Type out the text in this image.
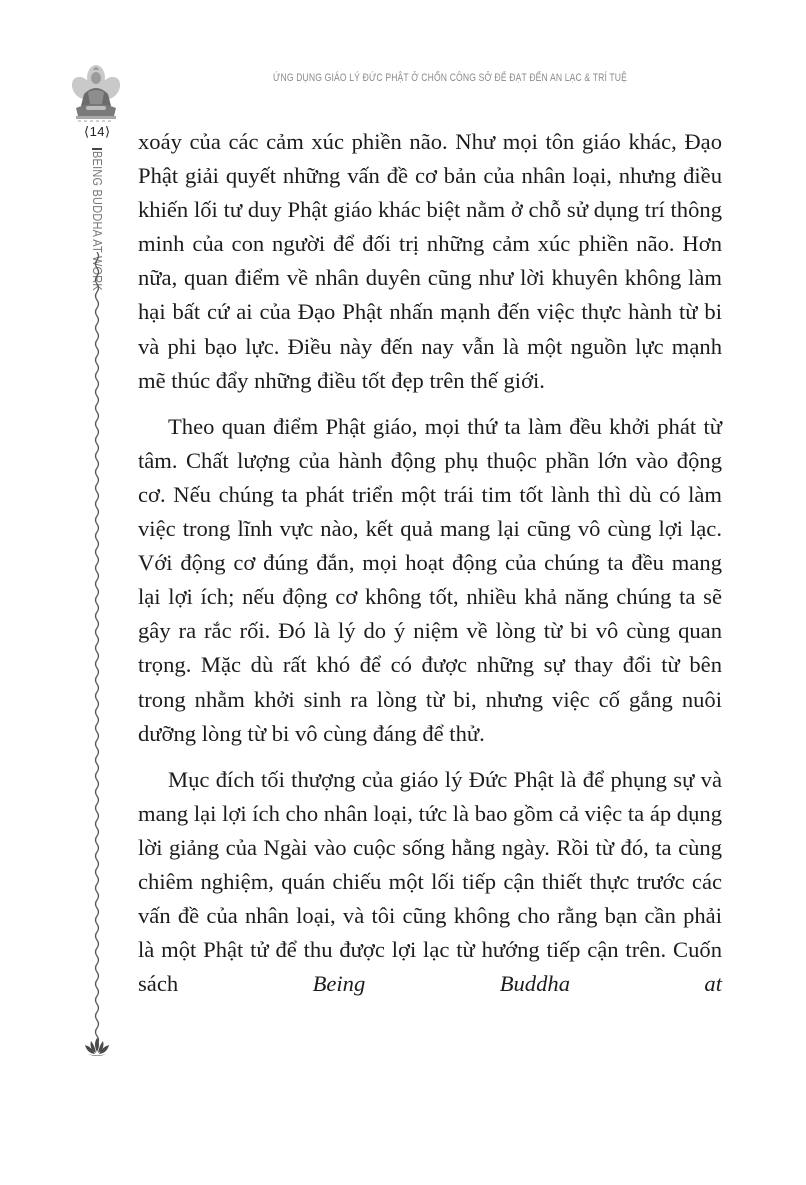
ỨNG DỤNG GIÁO LÝ ĐỨC PHẬT Ở CHỐN CÔNG SỞ ĐỂ ĐẠT ĐẾN AN LẠC & TRÍ TUỆ
⟨14⟩
BEING BUDDHA AT WORK

xoáy của các cảm xúc phiền não. Như mọi tôn giáo khác, Đạo Phật giải quyết những vấn đề cơ bản của nhân loại, nhưng điều khiến lối tư duy Phật giáo khác biệt nằm ở chỗ sử dụng trí thông minh của con người để đối trị những cảm xúc phiền não. Hơn nữa, quan điểm về nhân duyên cũng như lời khuyên không làm hại bất cứ ai của Đạo Phật nhấn mạnh đến việc thực hành từ bi và phi bạo lực. Điều này đến nay vẫn là một nguồn lực mạnh mẽ thúc đẩy những điều tốt đẹp trên thế giới.

Theo quan điểm Phật giáo, mọi thứ ta làm đều khởi phát từ tâm. Chất lượng của hành động phụ thuộc phần lớn vào động cơ. Nếu chúng ta phát triển một trái tim tốt lành thì dù có làm việc trong lĩnh vực nào, kết quả mang lại cũng vô cùng lợi lạc. Với động cơ đúng đắn, mọi hoạt động của chúng ta đều mang lại lợi ích; nếu động cơ không tốt, nhiều khả năng chúng ta sẽ gây ra rắc rối. Đó là lý do ý niệm về lòng từ bi vô cùng quan trọng. Mặc dù rất khó để có được những sự thay đổi từ bên trong nhằm khởi sinh ra lòng từ bi, nhưng việc cố gắng nuôi dưỡng lòng từ bi vô cùng đáng để thử.

Mục đích tối thượng của giáo lý Đức Phật là để phụng sự và mang lại lợi ích cho nhân loại, tức là bao gồm cả việc ta áp dụng lời giảng của Ngài vào cuộc sống hằng ngày. Rồi từ đó, ta cùng chiêm nghiệm, quán chiếu một lối tiếp cận thiết thực trước các vấn đề của nhân loại, và tôi cũng không cho rằng bạn cần phải là một Phật tử để thu được lợi lạc từ hướng tiếp cận trên. Cuốn sách Being Buddha at
